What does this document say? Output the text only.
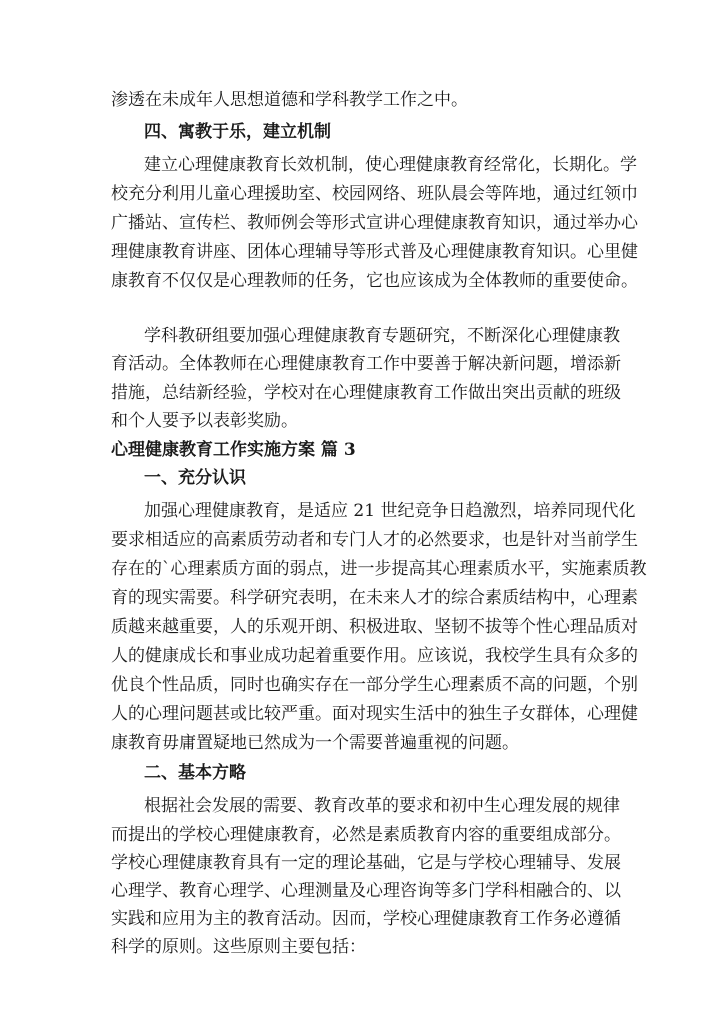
渗透在未成年人思想道德和学科教学工作之中。
四、寓教于乐，建立机制
建立心理健康教育长效机制，使心理健康教育经常化，长期化。学
校充分利用儿童心理援助室、校园网络、班队晨会等阵地，通过红领巾
广播站、宣传栏、教师例会等形式宣讲心理健康教育知识，通过举办心
理健康教育讲座、团体心理辅导等形式普及心理健康教育知识。心里健
康教育不仅仅是心理教师的任务，它也应该成为全体教师的重要使命。
学科教研组要加强心理健康教育专题研究，不断深化心理健康教
育活动。全体教师在心理健康教育工作中要善于解决新问题，增添新
措施，总结新经验，学校对在心理健康教育工作做出突出贡献的班级
和个人要予以表彰奖励。
心理健康教育工作实施方案 篇 3
一、充分认识
加强心理健康教育，是适应 21 世纪竞争日趋激烈，培养同现代化
要求相适应的高素质劳动者和专门人才的必然要求，也是针对当前学生
存在的`心理素质方面的弱点，进一步提高其心理素质水平，实施素质教
育的现实需要。科学研究表明，在未来人才的综合素质结构中，心理素
质越来越重要，人的乐观开朗、积极进取、坚韧不拔等个性心理品质对
人的健康成长和事业成功起着重要作用。应该说，我校学生具有众多的
优良个性品质，同时也确实存在一部分学生心理素质不高的问题，个别
人的心理问题甚或比较严重。面对现实生活中的独生子女群体，心理健
康教育毋庸置疑地已然成为一个需要普遍重视的问题。
二、基本方略
根据社会发展的需要、教育改革的要求和初中生心理发展的规律
而提出的学校心理健康教育，必然是素质教育内容的重要组成部分。
学校心理健康教育具有一定的理论基础，它是与学校心理辅导、发展
心理学、教育心理学、心理测量及心理咨询等多门学科相融合的、以
实践和应用为主的教育活动。因而，学校心理健康教育工作务必遵循
科学的原则。这些原则主要包括：
